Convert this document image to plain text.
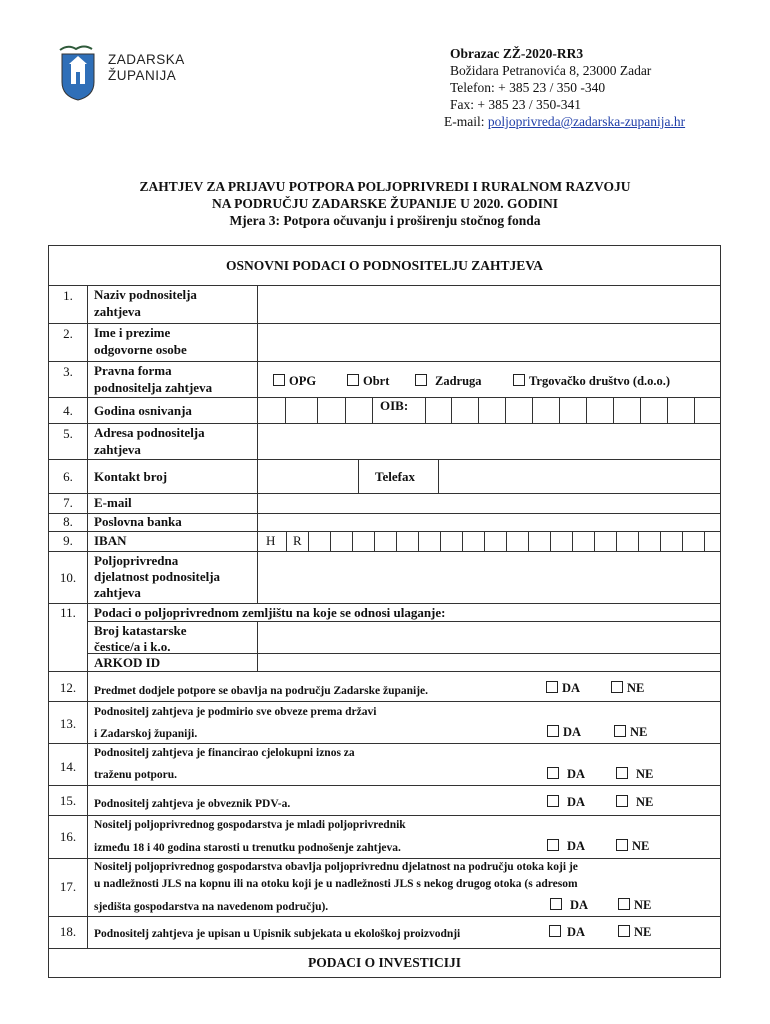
ZADARSKA
ŽUPANIJA
Obrazac ZŽ-2020-RR3
Božidara Petranovića 8, 23000 Zadar
Telefon: + 385 23 / 350 -340
Fax: + 385 23 / 350-341
E-mail: poljoprivreda@zadarska-zupanija.hr
ZAHTJEV ZA PRIJAVU POTPORA POLJOPRIVREDI I RURALNOM RAZVOJU
NA PODRUČJU ZADARSKE ŽUPANIJE U 2020. GODINI
Mjera 3: Potpora očuvanju i proširenju stočnog fonda
OSNOVNI PODACI O PODNOSITELJU ZAHTJEVA
1.	Naziv podnositelja
zahtjeva
2.	Ime i prezime
odgovorne osobe
3.	Pravna forma
podnositelja zahtjeva	OPG	Obrt	Zadruga	Trgovačko društvo (d.o.o.)
4.	Godina osnivanja	OIB:
5.	Adresa podnositelja
zahtjeva
6.	Kontakt broj	Telefax
7.	E-mail
8.	Poslovna banka
9.	IBAN	H R
10.
Poljoprivredna
djelatnost podnositelja
zahtjeva
11.	Podaci o poljoprivrednom zemljištu na koje se odnosi ulaganje:
Broj katastarske
čestice/a i k.o.
ARKOD ID
12.	Predmet dodjele potpore se obavlja na području Zadarske županije.	DA	NE
13.
Podnositelj zahtjeva je podmirio sve obveze prema državi
i Zadarskoj županiji.	DA	NE
14.
Podnositelj zahtjeva je financirao cjelokupni iznos za
traženu potporu.	DA	NE
15.	Podnositelj zahtjeva je obveznik PDV-a.	DA	NE
16.
Nositelj poljoprivrednog gospodarstva je mladi poljoprivrednik
između 18 i 40 godina starosti u trenutku podnošenje zahtjeva.	DA	NE
17.
Nositelj poljoprivrednog gospodarstva obavlja poljoprivrednu djelatnost na području otoka koji je
u nadležnosti JLS na kopnu ili na otoku koji je u nadležnosti JLS s nekog drugog otoka (s adresom
sjedišta gospodarstva na navedenom području).	DA	NE
18.	Podnositelj zahtjeva je upisan u Upisnik subjekata u ekološkoj proizvodnji	DA	NE
PODACI O INVESTICIJI
